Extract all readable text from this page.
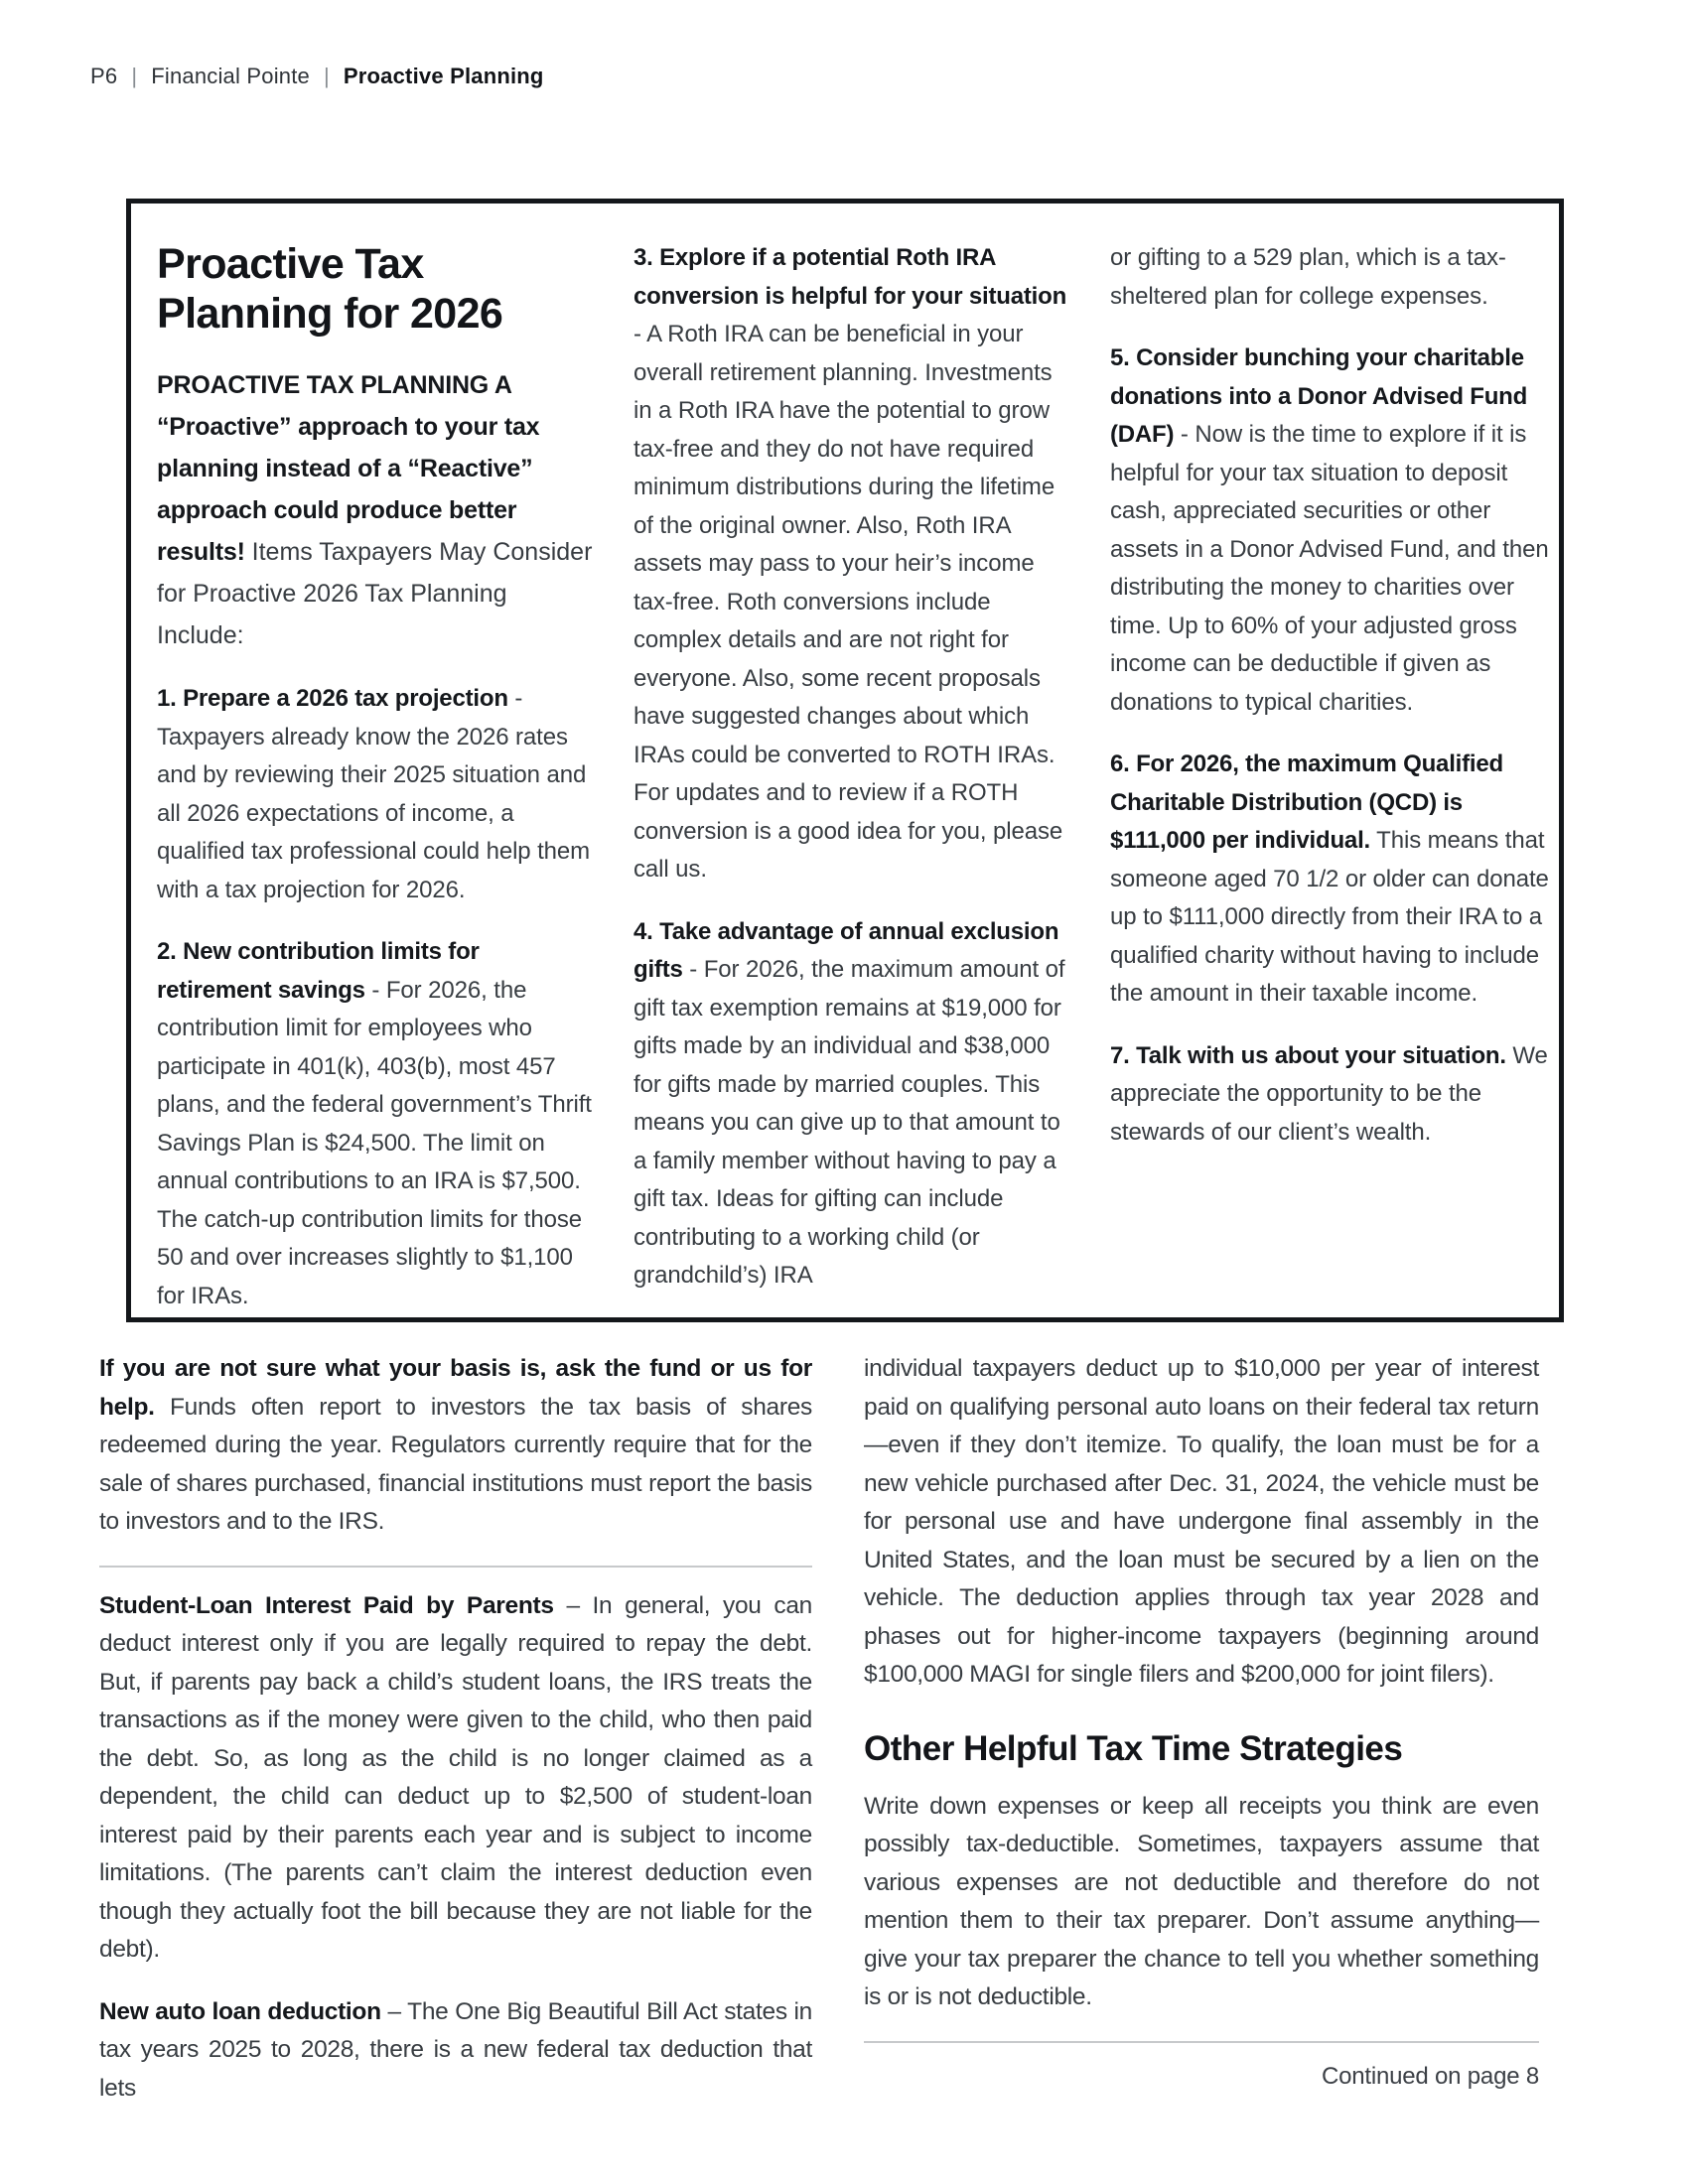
P6 | Financial Pointe | Proactive Planning
Proactive Tax
Planning for 2026

PROACTIVE TAX PLANNING A “Proactive” approach to your tax planning instead of a “Reactive” approach could produce better results! Items Taxpayers May Consider for Proactive 2026 Tax Planning Include:

1. Prepare a 2026 tax projection - Taxpayers already know the 2026 rates and by reviewing their 2025 situation and all 2026 expectations of income, a qualified tax professional could help them with a tax projection for 2026.

2. New contribution limits for retirement savings - For 2026, the contribution limit for employees who participate in 401(k), 403(b), most 457 plans, and the federal government’s Thrift Savings Plan is $24,500. The limit on annual contributions to an IRA is $7,500. The catch-up contribution limits for those 50 and over increases slightly to $1,100 for IRAs.

3. Explore if a potential Roth IRA conversion is helpful for your situation - A Roth IRA can be beneficial in your overall retirement planning. Investments in a Roth IRA have the potential to grow tax-free and they do not have required minimum distributions during the lifetime of the original owner. Also, Roth IRA assets may pass to your heir’s income tax-free. Roth conversions include complex details and are not right for everyone. Also, some recent proposals have suggested changes about which IRAs could be converted to ROTH IRAs. For updates and to review if a ROTH conversion is a good idea for you, please call us.

4. Take advantage of annual exclusion gifts - For 2026, the maximum amount of gift tax exemption remains at $19,000 for gifts made by an individual and $38,000 for gifts made by married couples. This means you can give up to that amount to a family member without having to pay a gift tax. Ideas for gifting can include contributing to a working child (or grandchild’s) IRA

or gifting to a 529 plan, which is a tax-sheltered plan for college expenses.

5. Consider bunching your charitable donations into a Donor Advised Fund (DAF) - Now is the time to explore if it is helpful for your tax situation to deposit cash, appreciated securities or other assets in a Donor Advised Fund, and then distributing the money to charities over time. Up to 60% of your adjusted gross income can be deductible if given as donations to typical charities.

6. For 2026, the maximum Qualified Charitable Distribution (QCD) is $111,000 per individual. This means that someone aged 70 1/2 or older can donate up to $111,000 directly from their IRA to a qualified charity without having to include the amount in their taxable income.

7. Talk with us about your situation. We appreciate the opportunity to be the stewards of our client’s wealth.

If you are not sure what your basis is, ask the fund or us for help. Funds often report to investors the tax basis of shares redeemed during the year. Regulators currently require that for the sale of shares purchased, financial institutions must report the basis to investors and to the IRS.

Student-Loan Interest Paid by Parents – In general, you can deduct interest only if you are legally required to repay the debt. But, if parents pay back a child’s student loans, the IRS treats the transactions as if the money were given to the child, who then paid the debt. So, as long as the child is no longer claimed as a dependent, the child can deduct up to $2,500 of student-loan interest paid by their parents each year and is subject to income limitations. (The parents can’t claim the interest deduction even though they actually foot the bill because they are not liable for the debt).

New auto loan deduction – The One Big Beautiful Bill Act states in tax years 2025 to 2028, there is a new federal tax deduction that lets

individual taxpayers deduct up to $10,000 per year of interest paid on qualifying personal auto loans on their federal tax return—even if they don’t itemize. To qualify, the loan must be for a new vehicle purchased after Dec. 31, 2024, the vehicle must be for personal use and have undergone final assembly in the United States, and the loan must be secured by a lien on the vehicle. The deduction applies through tax year 2028 and phases out for higher-income taxpayers (beginning around $100,000 MAGI for single filers and $200,000 for joint filers).

Other Helpful Tax Time Strategies

Write down expenses or keep all receipts you think are even possibly tax-deductible. Sometimes, taxpayers assume that various expenses are not deductible and therefore do not mention them to their tax preparer. Don’t assume anything—give your tax preparer the chance to tell you whether something is or is not deductible.

Continued on page 8
